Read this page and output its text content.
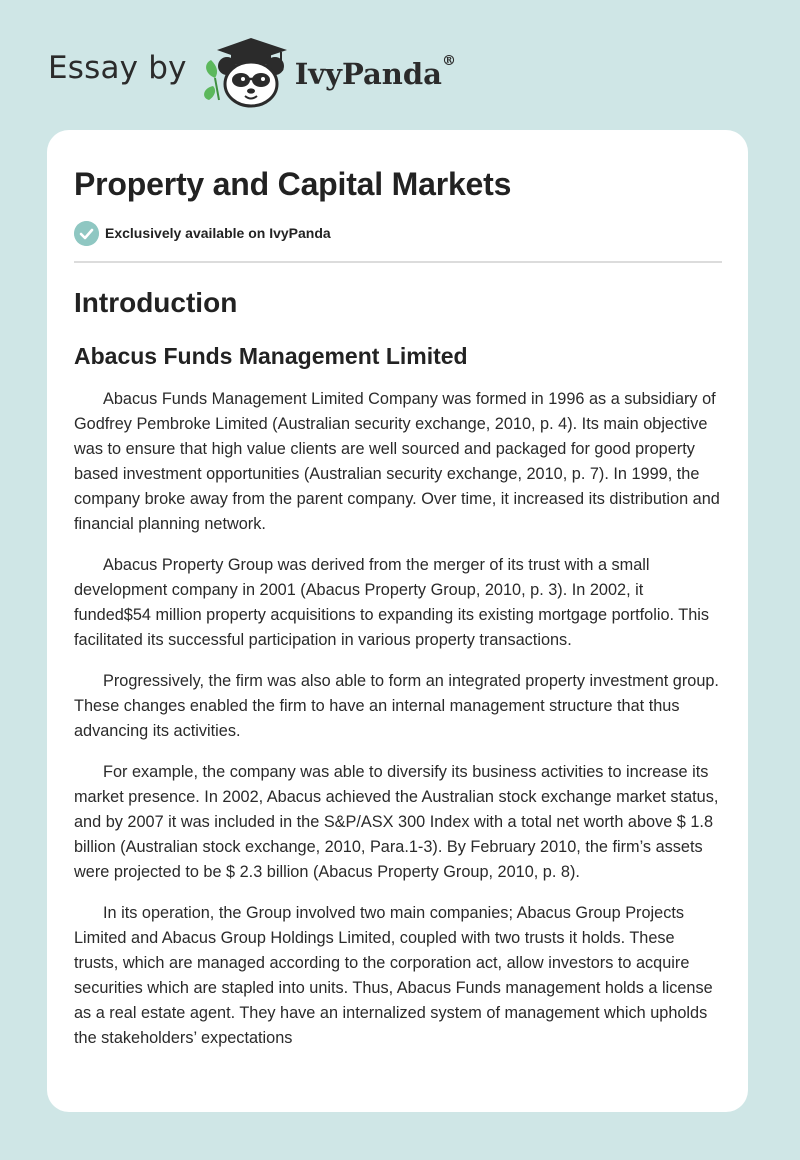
Essay by	IvyPanda®
Property and Capital Markets
Exclusively available on IvyPanda
Introduction
Abacus Funds Management Limited

Abacus Funds Management Limited Company was formed in 1996 as a subsidiary of Godfrey Pembroke Limited (Australian security exchange, 2010, p. 4). Its main objective was to ensure that high value clients are well sourced and packaged for good property based investment opportunities (Australian security exchange, 2010, p. 7). In 1999, the company broke away from the parent company. Over time, it increased its distribution and financial planning network.

Abacus Property Group was derived from the merger of its trust with a small development company in 2001 (Abacus Property Group, 2010, p. 3). In 2002, it funded$54 million property acquisitions to expanding its existing mortgage portfolio. This facilitated its successful participation in various property transactions.

Progressively, the firm was also able to form an integrated property investment group. These changes enabled the firm to have an internal management structure that thus advancing its activities.

For example, the company was able to diversify its business activities to increase its market presence. In 2002, Abacus achieved the Australian stock exchange market status, and by 2007 it was included in the S&P/ASX 300 Index with a total net worth above $ 1.8 billion (Australian stock exchange, 2010, Para.1-3). By February 2010, the firm’s assets were projected to be $ 2.3 billion (Abacus Property Group, 2010, p. 8).

In its operation, the Group involved two main companies; Abacus Group Projects Limited and Abacus Group Holdings Limited, coupled with two trusts it holds. These trusts, which are managed according to the corporation act, allow investors to acquire securities which are stapled into units. Thus, Abacus Funds management holds a license as a real estate agent. They have an internalized system of management which upholds the stakeholders’ expectations
